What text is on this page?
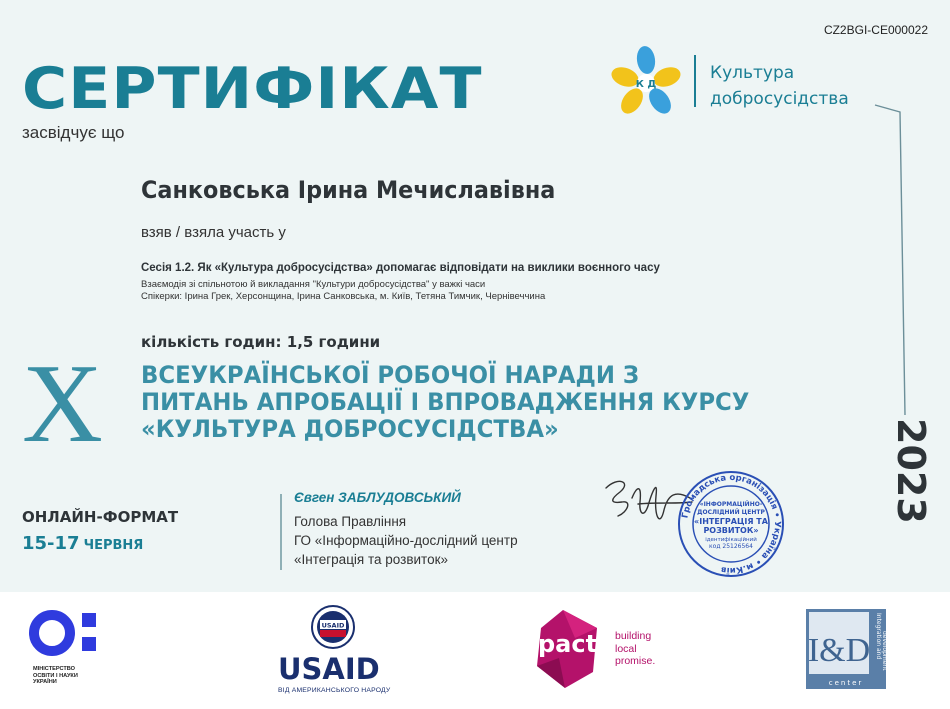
CZ2BGI-CE000022
СЕРТИФІКАТ
засвідчує що
К Д
Культура
добросусідства
Санковська Ірина Мечиславівна
взяв / взяла участь у
Сесія 1.2. Як «Культура добросусідства» допомагає відповідати на виклики воєнного часу
Взаємодія зі спільнотою й викладання "Культури добросусідства" у важкі часи
Спікерки: Ірина Грек, Херсонщина, Ірина Санковська, м. Київ, Тетяна Тимчик, Чернівеччина
кількість годин: 1,5 години
X ВСЕУКРАЇНСЬКОЇ РОБОЧОЇ НАРАДИ З
ПИТАНЬ АПРОБАЦІЇ І ВПРОВАДЖЕННЯ КУРСУ
«КУЛЬТУРА ДОБРОСУСІДСТВА»	2023
ОНЛАЙН-ФОРМАТ
15-17 ЧЕРВНЯ
Євген ЗАБЛУДОВСЬКИЙ
Голова Правління
ГО «Інформаційно-дослідний центр
«Інтеграція та розвиток»
Громадська організація • Україна • м.Київ
«ІНФОРМАЦІЙНО-
ДОСЛІДНИЙ ЦЕНТР
«ІНТЕГРАЦІЯ ТА
РОЗВИТОК»
ідентифікаційний
код 25126564
МІНІСТЕРСТВО
ОСВІТИ І НАУКИ
УКРАЇНИ
USAID
USAID
ВІД АМЕРИКАНСЬКОГО НАРОДУ
pact building
local
promise.	I&D
center
Integration and development
